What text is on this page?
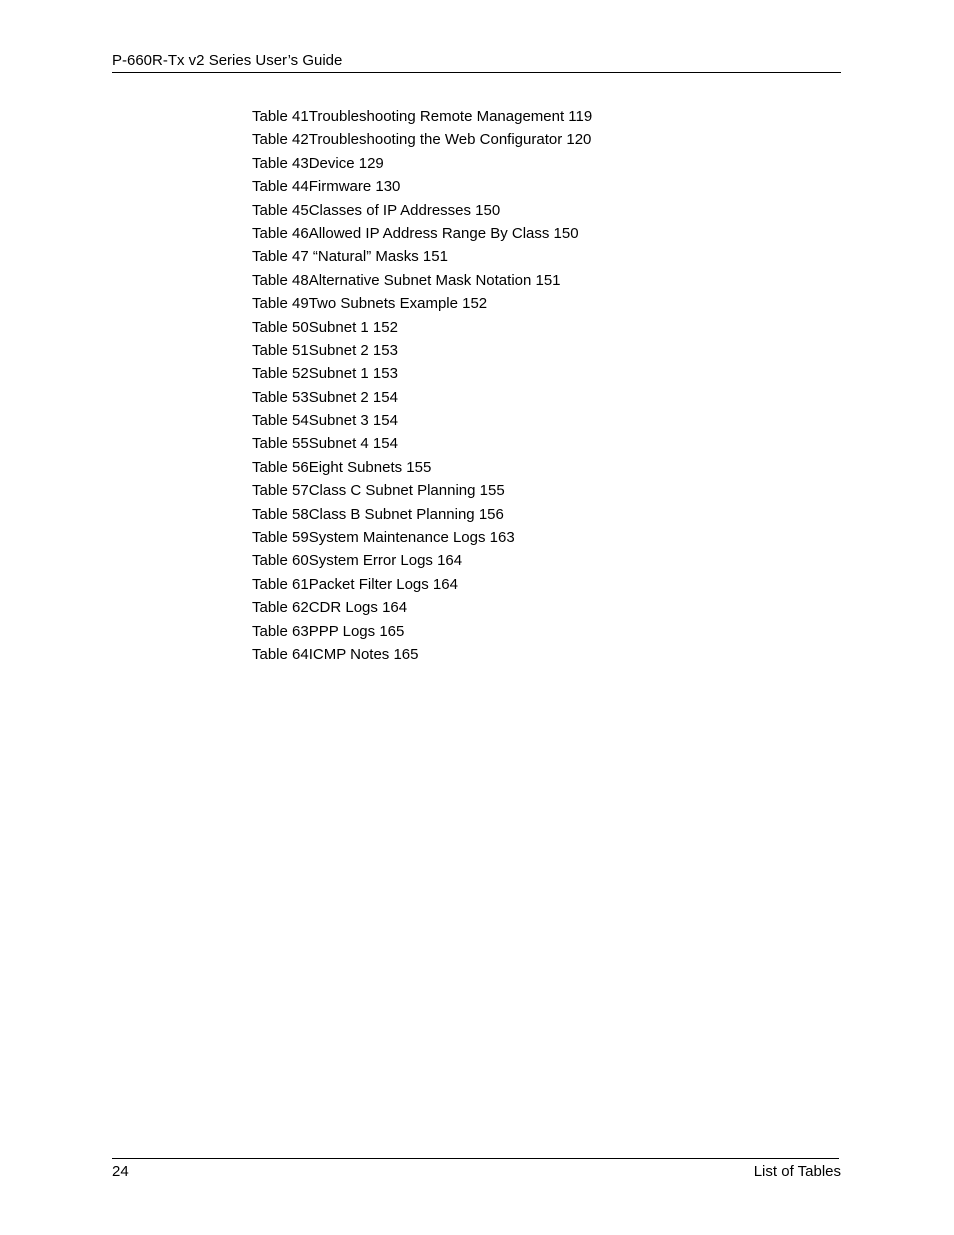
P-660R-Tx v2 Series User’s Guide
Table 41Troubleshooting Remote Management 119
Table 42Troubleshooting the Web Configurator 120
Table 43Device 129
Table 44Firmware 130
Table 45Classes of IP Addresses 150
Table 46Allowed IP Address Range By Class 150
Table 47 “Natural” Masks 151
Table 48Alternative Subnet Mask Notation 151
Table 49Two Subnets Example 152
Table 50Subnet 1 152
Table 51Subnet 2 153
Table 52Subnet 1 153
Table 53Subnet 2 154
Table 54Subnet 3 154
Table 55Subnet 4 154
Table 56Eight Subnets 155
Table 57Class C Subnet Planning 155
Table 58Class B Subnet Planning 156
Table 59System Maintenance Logs 163
Table 60System Error Logs 164
Table 61Packet Filter Logs 164
Table 62CDR Logs 164
Table 63PPP Logs 165
Table 64ICMP Notes 165
24	List of Tables
